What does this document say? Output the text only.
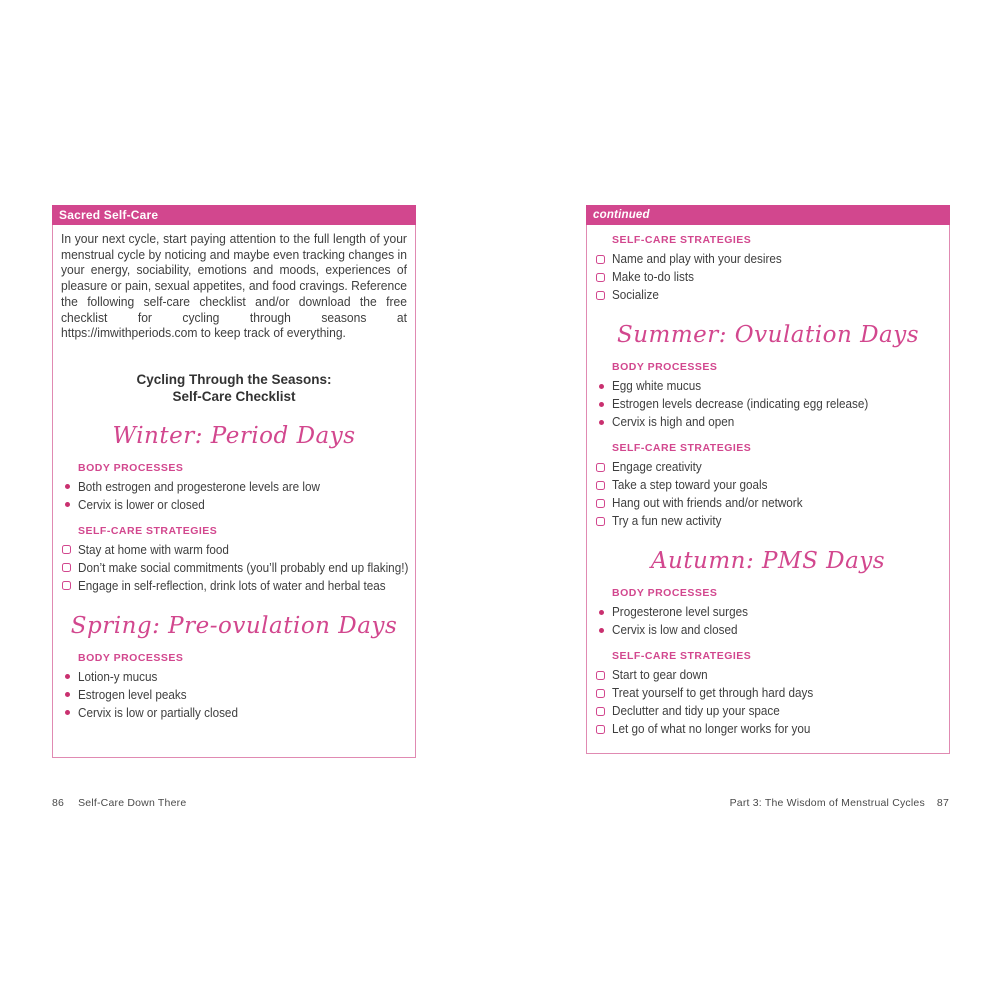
Sacred Self-Care
In your next cycle, start paying attention to the full length of your menstrual cycle by noticing and maybe even tracking changes in your energy, sociability, emotions and moods, experiences of pleasure or pain, sexual appetites, and food cravings. Reference the following self-care checklist and/or download the free checklist for cycling through seasons at https://imwithperiods.com to keep track of everything.
Cycling Through the Seasons:
Self-Care Checklist
Winter: Period Days
BODY PROCESSES
Both estrogen and progesterone levels are low
Cervix is lower or closed
SELF-CARE STRATEGIES
Stay at home with warm food
Don’t make social commitments (you’ll probably end up flaking!)
Engage in self-reflection, drink lots of water and herbal teas
Spring: Pre-ovulation Days
BODY PROCESSES
Lotion-y mucus
Estrogen level peaks
Cervix is low or partially closed
continued
SELF-CARE STRATEGIES
Name and play with your desires
Make to-do lists
Socialize
Summer: Ovulation Days
BODY PROCESSES
Egg white mucus
Estrogen levels decrease (indicating egg release)
Cervix is high and open
SELF-CARE STRATEGIES
Engage creativity
Take a step toward your goals
Hang out with friends and/or network
Try a fun new activity
Autumn: PMS Days
BODY PROCESSES
Progesterone level surges
Cervix is low and closed
SELF-CARE STRATEGIES
Start to gear down
Treat yourself to get through hard days
Declutter and tidy up your space
Let go of what no longer works for you
86 Self-Care Down There	Part 3: The Wisdom of Menstrual Cycles 87
